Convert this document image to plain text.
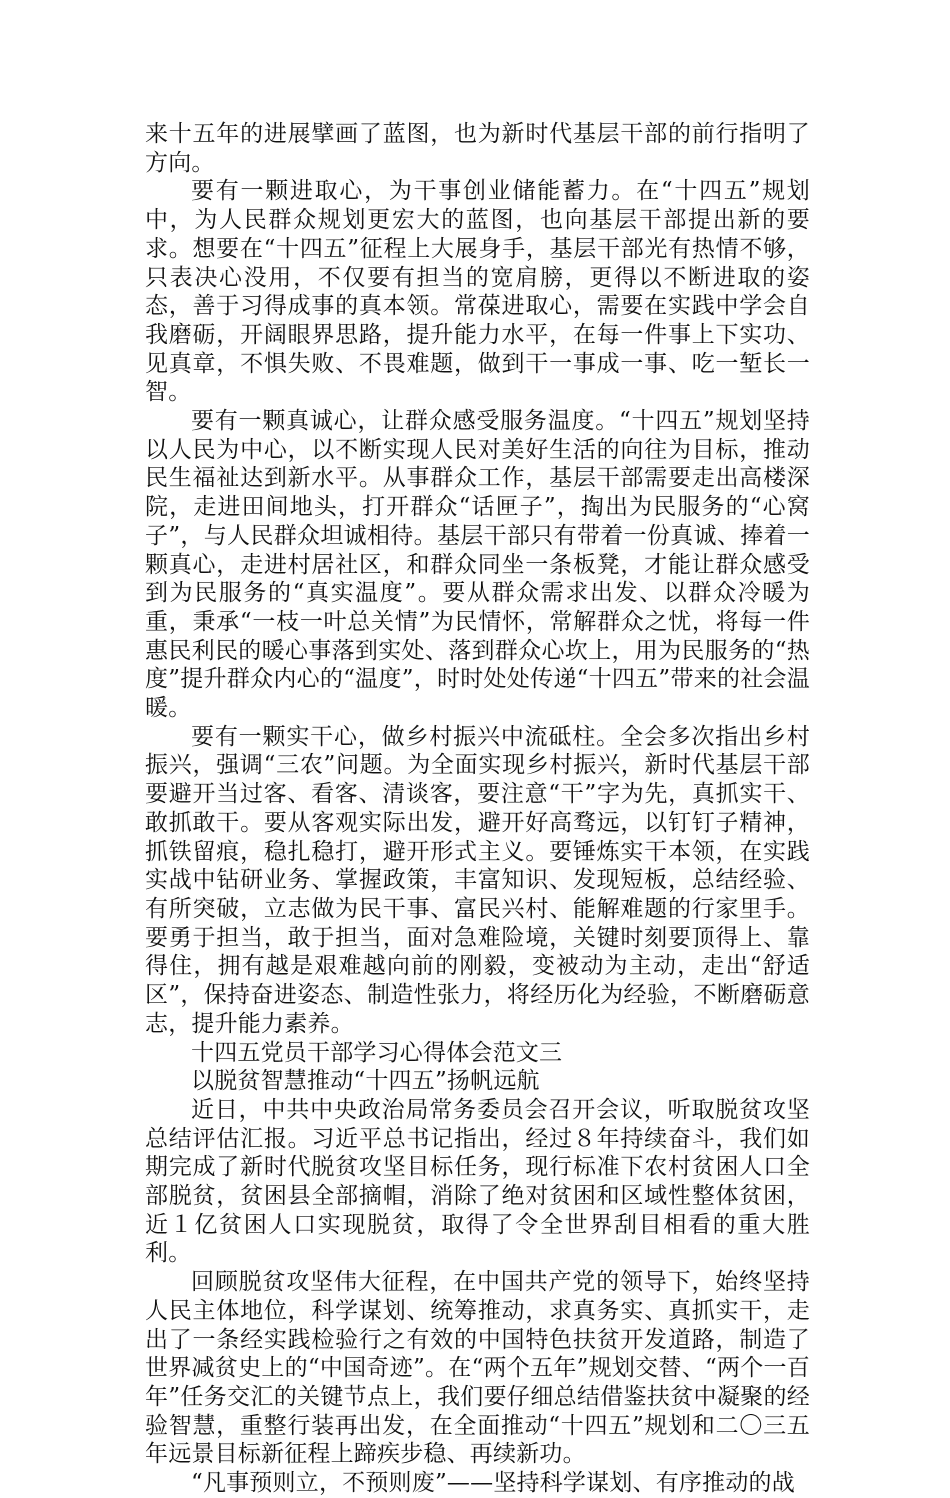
来十五年的进展擘画了蓝图，也为新时代基层干部的前行指明了方向。

要有一颗进取心，为干事创业储能蓄力。在“十四五”规划中，为人民群众规划更宏大的蓝图，也向基层干部提出新的要求。想要在“十四五”征程上大展身手，基层干部光有热情不够，只表决心没用，不仅要有担当的宽肩膀，更得以不断进取的姿态，善于习得成事的真本领。常葆进取心，需要在实践中学会自我磨砺，开阔眼界思路，提升能力水平，在每一件事上下实功、见真章，不惧失败、不畏难题，做到干一事成一事、吃一堑长一智。

要有一颗真诚心，让群众感受服务温度。“十四五”规划坚持以人民为中心，以不断实现人民对美好生活的向往为目标，推动民生福祉达到新水平。从事群众工作，基层干部需要走出高楼深院，走进田间地头，打开群众“话匣子”，掏出为民服务的“心窝子”，与人民群众坦诚相待。基层干部只有带着一份真诚、捧着一颗真心，走进村居社区，和群众同坐一条板凳，才能让群众感受到为民服务的“真实温度”。要从群众需求出发、以群众冷暖为重，秉承“一枝一叶总关情”为民情怀，常解群众之忧，将每一件惠民利民的暖心事落到实处、落到群众心坎上，用为民服务的“热度”提升群众内心的“温度”，时时处处传递“十四五”带来的社会温暖。

要有一颗实干心，做乡村振兴中流砥柱。全会多次指出乡村振兴，强调“三农”问题。为全面实现乡村振兴，新时代基层干部要避开当过客、看客、清谈客，要注意“干”字为先，真抓实干、敢抓敢干。要从客观实际出发，避开好高骛远，以钉钉子精神，抓铁留痕，稳扎稳打，避开形式主义。要锤炼实干本领，在实践实战中钻研业务、掌握政策，丰富知识、发现短板，总结经验、有所突破，立志做为民干事、富民兴村、能解难题的行家里手。要勇于担当，敢于担当，面对急难险境，关键时刻要顶得上、靠得住，拥有越是艰难越向前的刚毅，变被动为主动，走出“舒适区”，保持奋进姿态、制造性张力，将经历化为经验，不断磨砺意志，提升能力素养。

十四五党员干部学习心得体会范文三

以脱贫智慧推动“十四五”扬帆远航

近日，中共中央政治局常务委员会召开会议，听取脱贫攻坚总结评估汇报。习近平总书记指出，经过８年持续奋斗，我们如期完成了新时代脱贫攻坚目标任务，现行标准下农村贫困人口全部脱贫，贫困县全部摘帽，消除了绝对贫困和区域性整体贫困，近１亿贫困人口实现脱贫，取得了令全世界刮目相看的重大胜利。

回顾脱贫攻坚伟大征程，在中国共产党的领导下，始终坚持人民主体地位，科学谋划、统筹推动，求真务实、真抓实干，走出了一条经实践检验行之有效的中国特色扶贫开发道路，制造了世界减贫史上的“中国奇迹”。在“两个五年”规划交替、“两个一百年”任务交汇的关键节点上，我们要仔细总结借鉴扶贫中凝聚的经验智慧，重整行装再出发，在全面推动“十四五”规划和二〇三五年远景目标新征程上蹄疾步稳、再续新功。

“凡事预则立，不预则废”——坚持科学谋划、有序推动的战
